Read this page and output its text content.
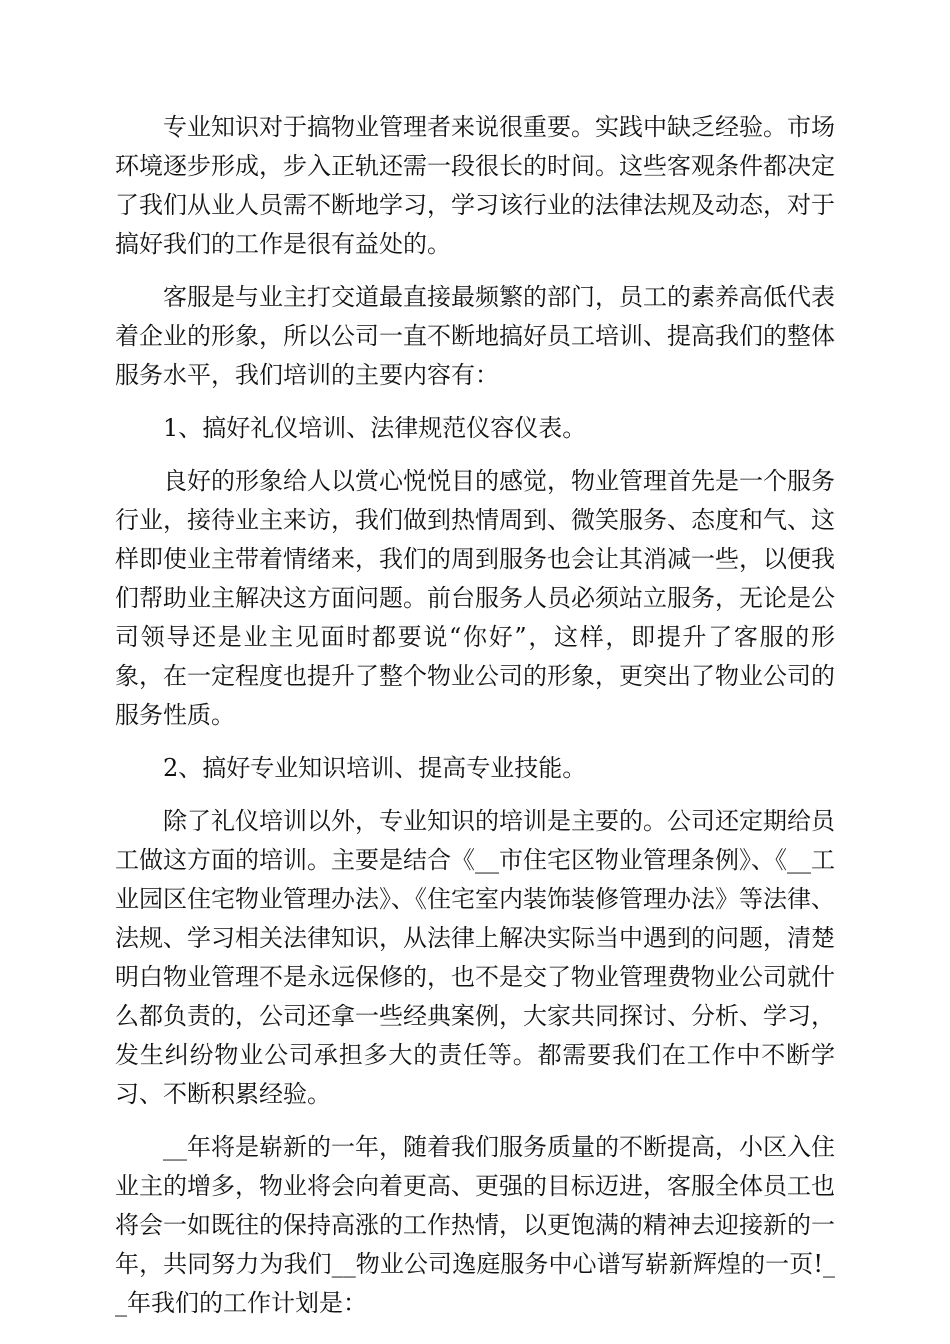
专业知识对于搞物业管理者来说很重要。实践中缺乏经验。市场环境逐步形成，步入正轨还需一段很长的时间。这些客观条件都决定了我们从业人员需不断地学习，学习该行业的法律法规及动态，对于搞好我们的工作是很有益处的。

客服是与业主打交道最直接最频繁的部门，员工的素养高低代表着企业的形象，所以公司一直不断地搞好员工培训、提高我们的整体服务水平，我们培训的主要内容有：

1、搞好礼仪培训、法律规范仪容仪表。

良好的形象给人以赏心悦悦目的感觉，物业管理首先是一个服务行业，接待业主来访，我们做到热情周到、微笑服务、态度和气、这样即使业主带着情绪来，我们的周到服务也会让其消减一些，以便我们帮助业主解决这方面问题。前台服务人员必须站立服务，无论是公司领导还是业主见面时都要说“你好”，这样，即提升了客服的形象，在一定程度也提升了整个物业公司的形象，更突出了物业公司的服务性质。

2、搞好专业知识培训、提高专业技能。

除了礼仪培训以外，专业知识的培训是主要的。公司还定期给员工做这方面的培训。主要是结合《__市住宅区物业管理条例》、《__工业园区住宅物业管理办法》、《住宅室内装饰装修管理办法》等法律、法规、学习相关法律知识，从法律上解决实际当中遇到的问题，清楚明白物业管理不是永远保修的，也不是交了物业管理费物业公司就什么都负责的，公司还拿一些经典案例，大家共同探讨、分析、学习，发生纠纷物业公司承担多大的责任等。都需要我们在工作中不断学习、不断积累经验。

__年将是崭新的一年，随着我们服务质量的不断提高，小区入住业主的增多，物业将会向着更高、更强的目标迈进，客服全体员工也将会一如既往的保持高涨的工作热情，以更饱满的精神去迎接新的一年，共同努力为我们__物业公司逸庭服务中心谱写崭新辉煌的一页!__年我们的工作计划是：
